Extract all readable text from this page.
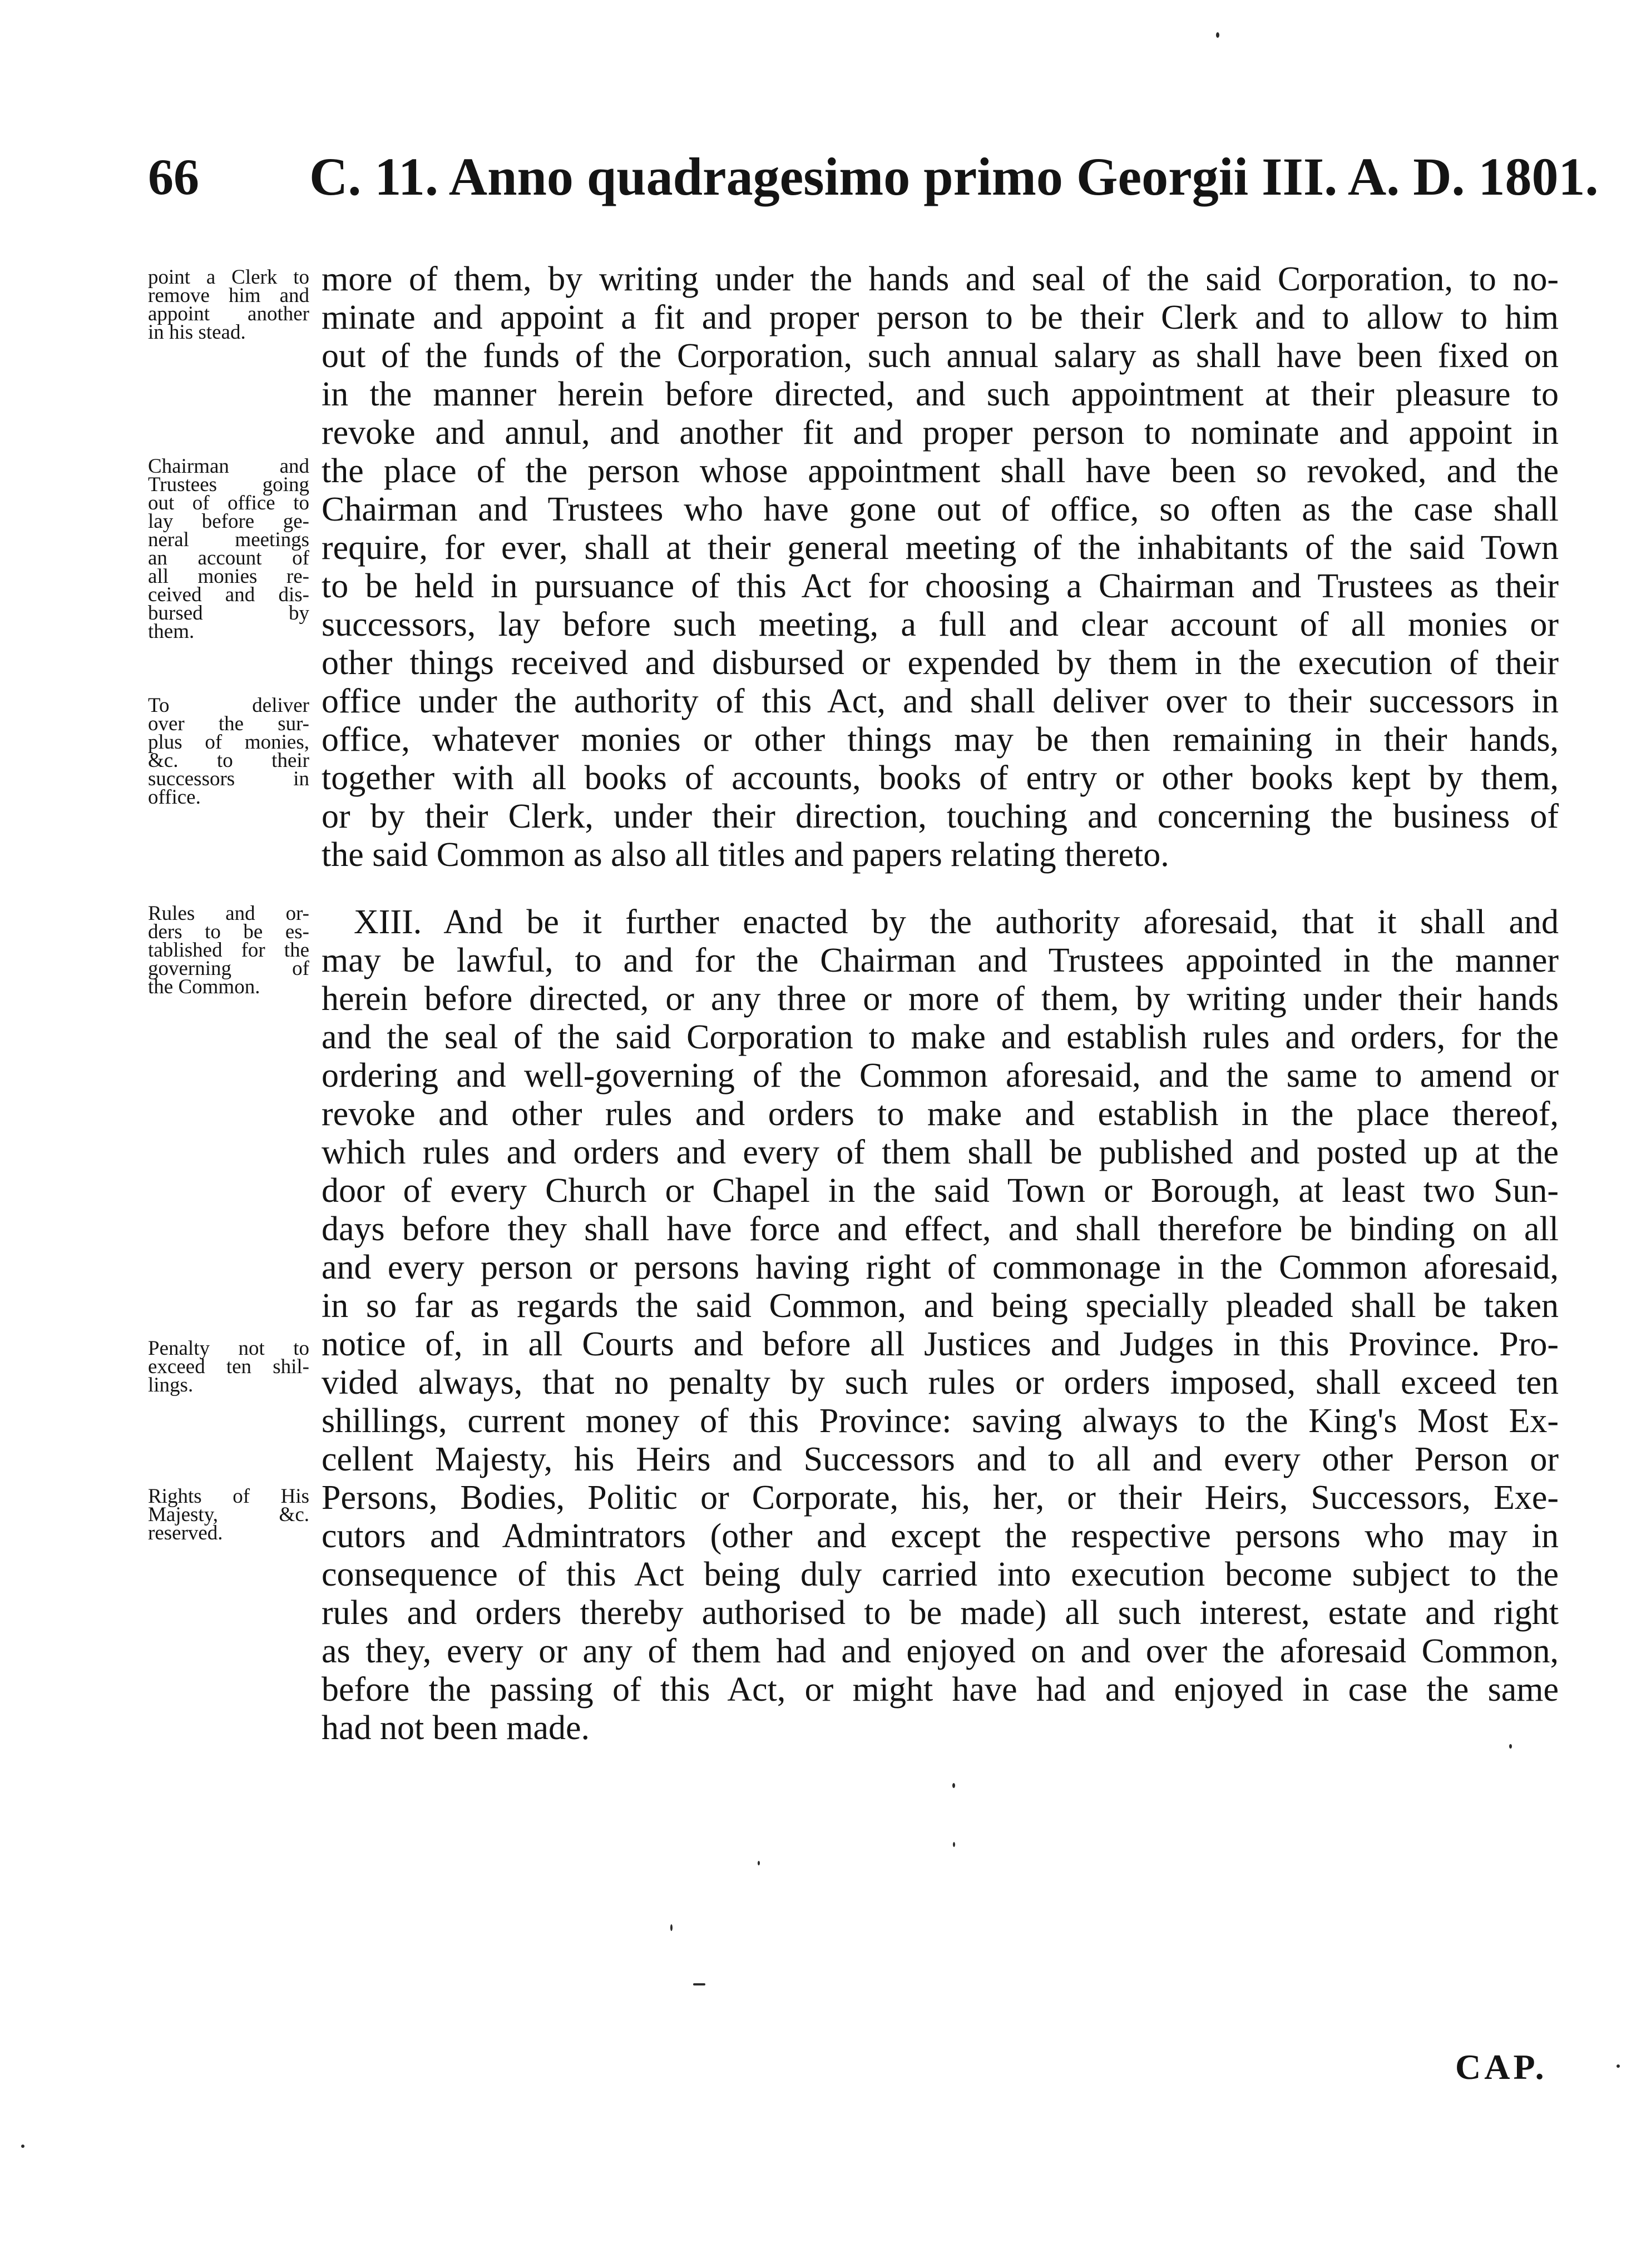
66 C. 11. Anno quadragesimo primo Georgii III. A. D. 1801.
point a Clerk to
remove him and
appoint another
in his stead.
Chairman and
Trustees going
out of office to
lay before ge-
neral meetings
an account of
all monies re-
ceived and dis-
bursed by
them.
To deliver
over the sur-
plus of monies,
&c. to their
successors in
office.
Rules and or-
ders to be es-
tablished for the
governing of
the Common.
Penalty not to
exceed ten shil-
lings.
Rights of His
Majesty, &c.
reserved.
more of them, by writing under the hands and seal of the said Corporation, to no-
minate and appoint a fit and proper person to be their Clerk and to allow to him
out of the funds of the Corporation, such annual salary as shall have been fixed on
in the manner herein before directed, and such appointment at their pleasure to
revoke and annul, and another fit and proper person to nominate and appoint in
the place of the person whose appointment shall have been so revoked, and the
Chairman and Trustees who have gone out of office, so often as the case shall
require, for ever, shall at their general meeting of the inhabitants of the said Town
to be held in pursuance of this Act for choosing a Chairman and Trustees as their
successors, lay before such meeting, a full and clear account of all monies or
other things received and disbursed or expended by them in the execution of their
office under the authority of this Act, and shall deliver over to their successors in
office, whatever monies or other things may be then remaining in their hands,
together with all books of accounts, books of entry or other books kept by them,
or by their Clerk, under their direction, touching and concerning the business of
the said Common as also all titles and papers relating thereto.
XIII. And be it further enacted by the authority aforesaid, that it shall and
may be lawful, to and for the Chairman and Trustees appointed in the manner
herein before directed, or any three or more of them, by writing under their hands
and the seal of the said Corporation to make and establish rules and orders, for the
ordering and well-governing of the Common aforesaid, and the same to amend or
revoke and other rules and orders to make and establish in the place thereof,
which rules and orders and every of them shall be published and posted up at the
door of every Church or Chapel in the said Town or Borough, at least two Sun-
days before they shall have force and effect, and shall therefore be binding on all
and every person or persons having right of commonage in the Common aforesaid,
in so far as regards the said Common, and being specially pleaded shall be taken
notice of, in all Courts and before all Justices and Judges in this Province. Pro-
vided always, that no penalty by such rules or orders imposed, shall exceed ten
shillings, current money of this Province: saving always to the King's Most Ex-
cellent Majesty, his Heirs and Successors and to all and every other Person or
Persons, Bodies, Politic or Corporate, his, her, or their Heirs, Successors, Exe-
cutors and Admintrators (other and except the respective persons who may in
consequence of this Act being duly carried into execution become subject to the
rules and orders thereby authorised to be made) all such interest, estate and right
as they, every or any of them had and enjoyed on and over the aforesaid Common,
before the passing of this Act, or might have had and enjoyed in case the same
had not been made.
CAP.
